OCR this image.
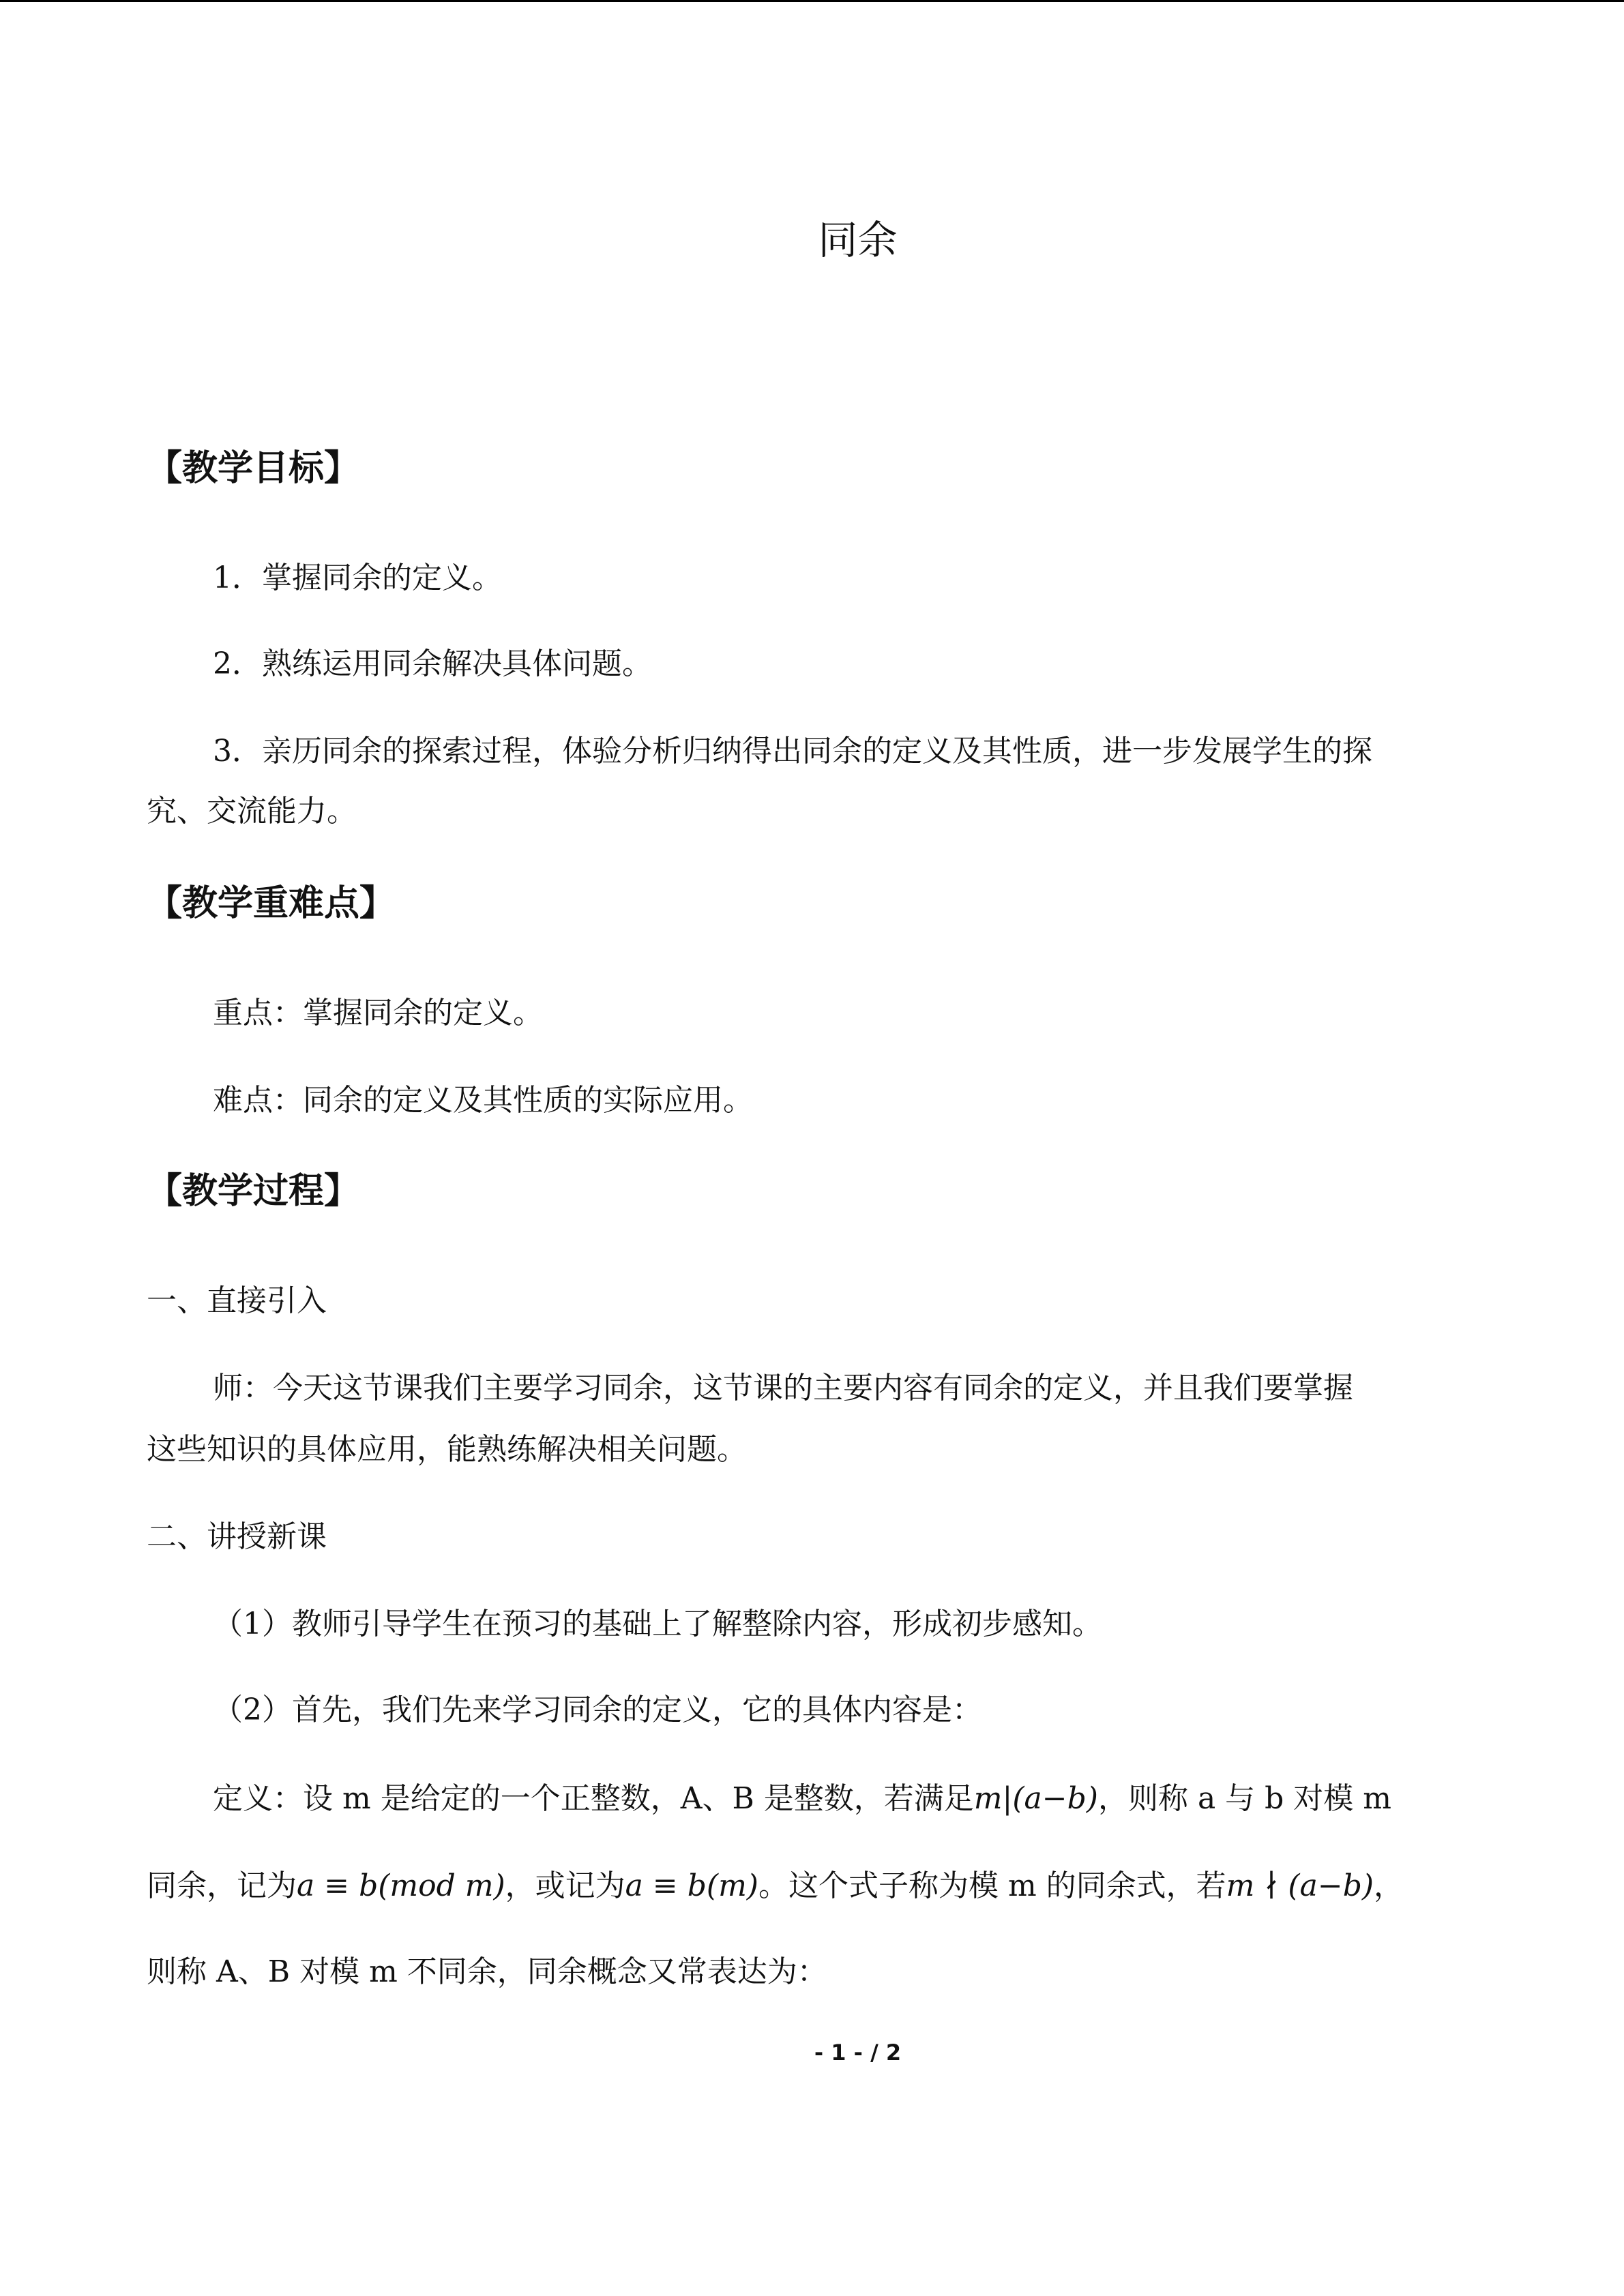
同余
【教学目标】

1．掌握同余的定义。

2．熟练运用同余解决具体问题。

3．亲历同余的探索过程，体验分析归纳得出同余的定义及其性质，进一步发展学生的探

究、交流能力。

【教学重难点】

重点：掌握同余的定义。

难点：同余的定义及其性质的实际应用。

【教学过程】

一、直接引入

师：今天这节课我们主要学习同余，这节课的主要内容有同余的定义，并且我们要掌握

这些知识的具体应用，能熟练解决相关问题。

二、讲授新课

（1）教师引导学生在预习的基础上了解整除内容，形成初步感知。

（2）首先，我们先来学习同余的定义，它的具体内容是：

定义：设 m 是给定的一个正整数，A、B 是整数，若满足m|(a−b)，则称 a 与 b 对模 m

同余，记为a ≡ b(mod m)，或记为a ≡ b(m)。这个式子称为模 m 的同余式，若m ∤ (a−b)，

则称 A、B 对模 m 不同余，同余概念又常表达为：

- 1 - / 2
